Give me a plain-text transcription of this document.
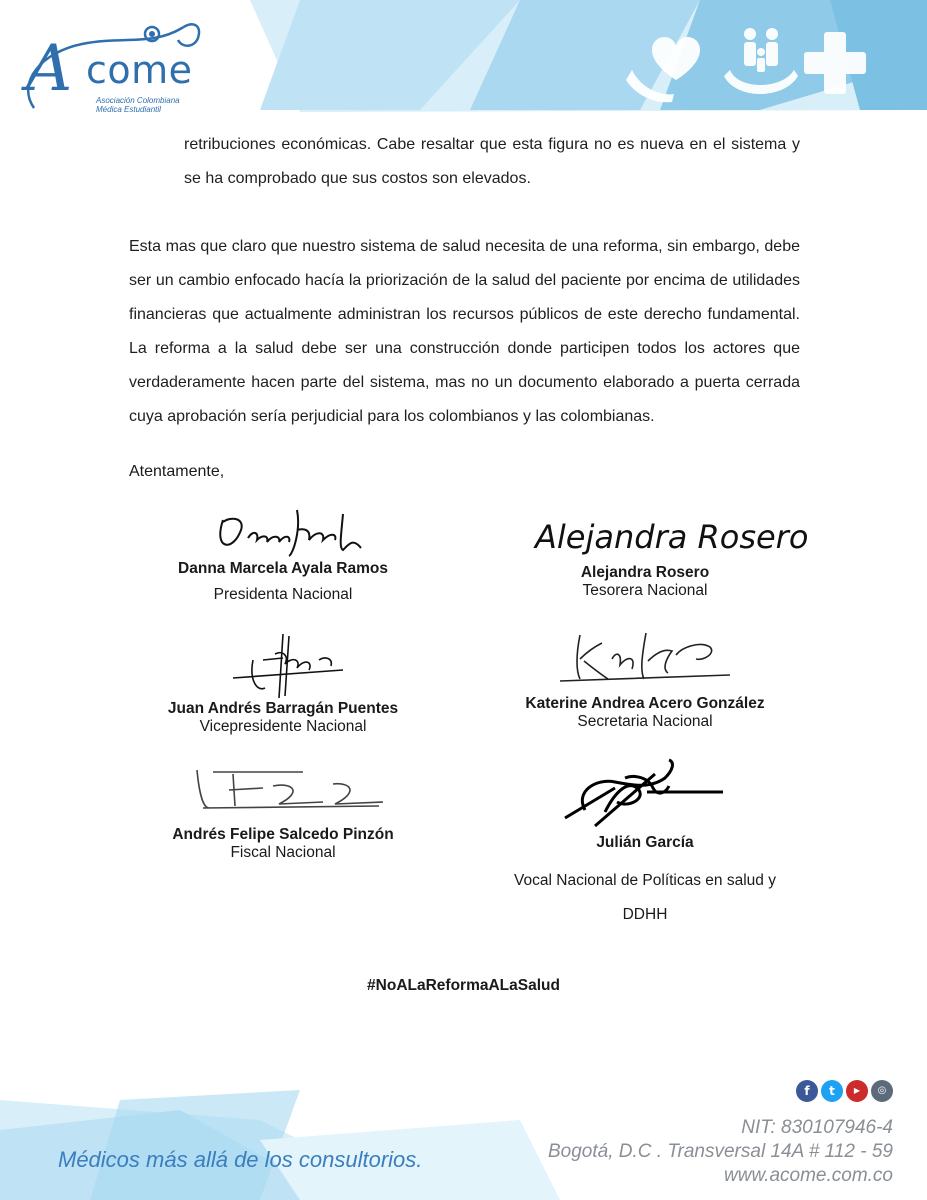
A come
Asociación Colombiana
Médica Estudiantil
retribuciones económicas. Cabe resaltar que esta figura no es nueva en el sistema y se ha comprobado que sus costos son elevados.
Esta mas que claro que nuestro sistema de salud necesita de una reforma, sin embargo, debe ser un cambio enfocado hacía la priorización de la salud del paciente por encima de utilidades financieras que actualmente administran los recursos públicos de este derecho fundamental. La reforma a la salud debe ser una construcción donde participen todos los actores que verdaderamente hacen parte del sistema, mas no un documento elaborado a puerta cerrada cuya aprobación sería perjudicial para los colombianos y las colombianas.
Atentamente,
Danna Marcela Ayala Ramos
Presidenta Nacional
Alejandra Rosero
Alejandra Rosero
Tesorera Nacional
Juan Andrés Barragán Puentes
Vicepresidente Nacional
Katerine Andrea Acero González
Secretaria Nacional
Andrés Felipe Salcedo Pinzón
Fiscal Nacional
Julián García
Vocal Nacional de Políticas en salud y
DDHH
#NoALaReformaALaSalud
f	t	▶	◎
Médicos más allá de los consultorios.
NIT: 830107946-4
Bogotá, D.C . Transversal 14A # 112 - 59
www.acome.com.co
